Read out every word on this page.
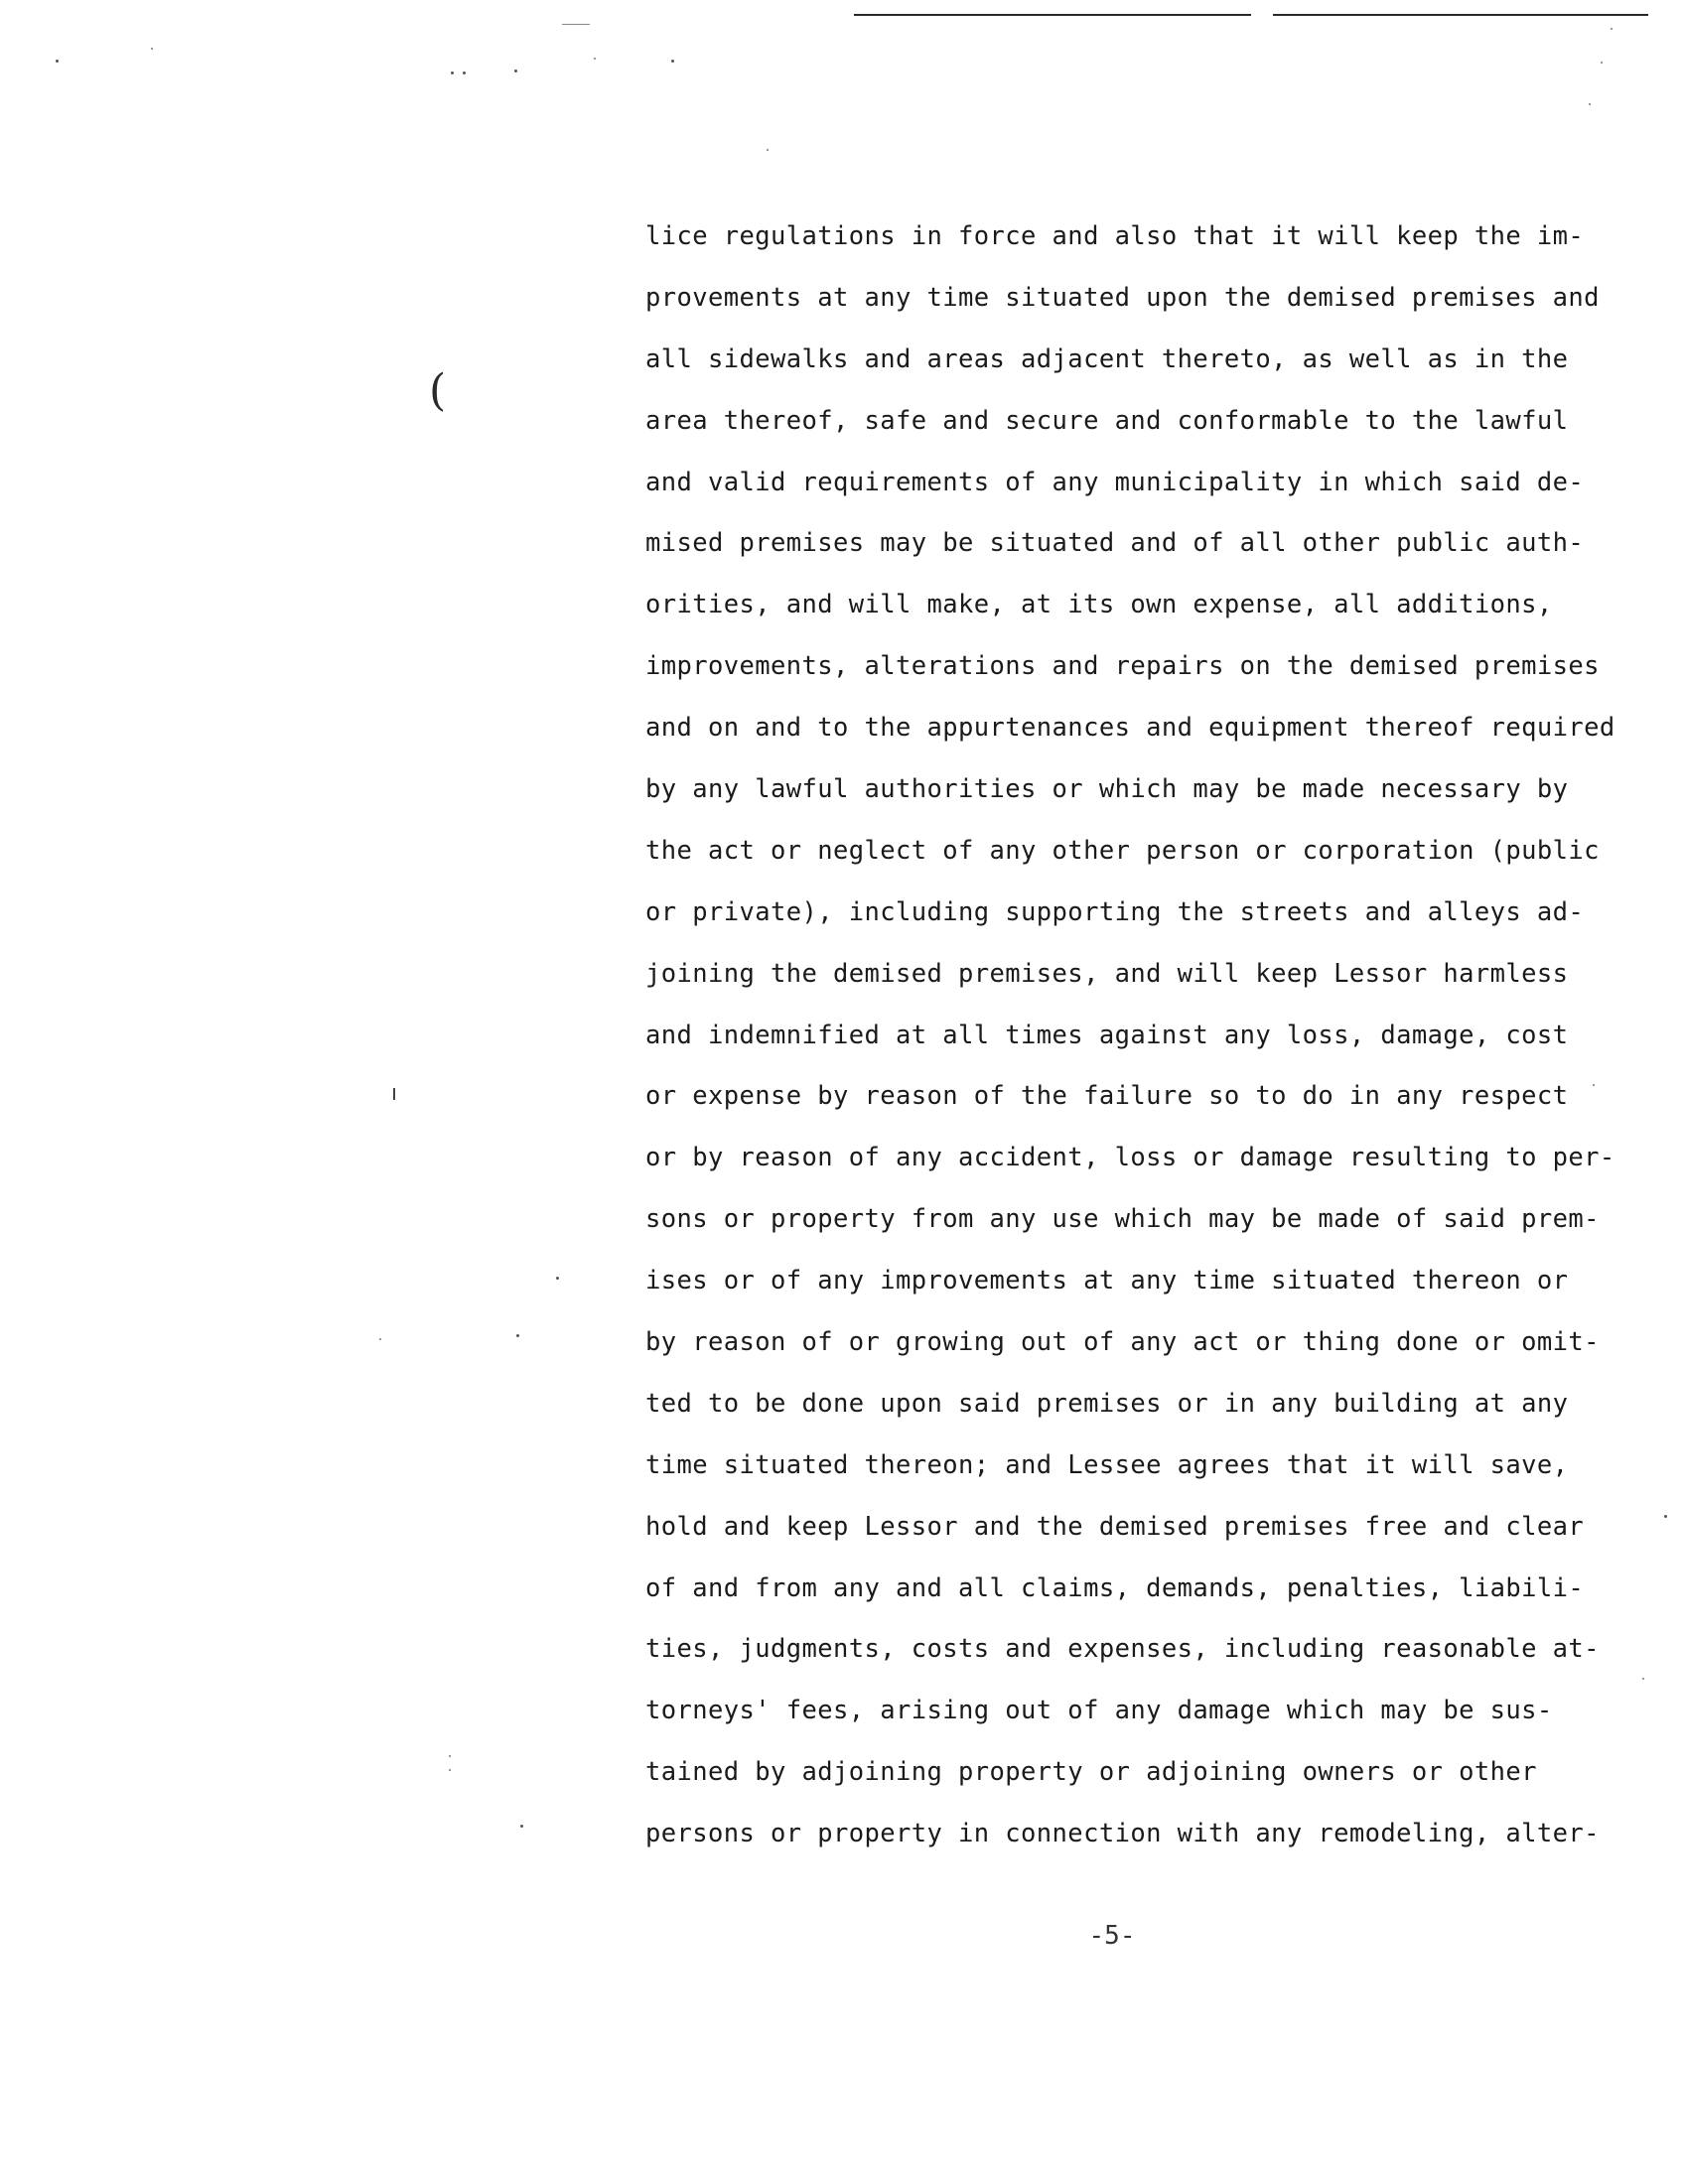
(
lice regulations in force and also that it will keep the im-
provements at any time situated upon the demised premises and
all sidewalks and areas adjacent thereto, as well as in the
area thereof, safe and secure and conformable to the lawful
and valid requirements of any municipality in which said de-
mised premises may be situated and of all other public auth-
orities, and will make, at its own expense, all additions,
improvements, alterations and repairs on the demised premises
and on and to the appurtenances and equipment thereof required
by any lawful authorities or which may be made necessary by
the act or neglect of any other person or corporation (public
or private), including supporting the streets and alleys ad-
joining the demised premises, and will keep Lessor harmless
and indemnified at all times against any loss, damage, cost
or expense by reason of the failure so to do in any respect
or by reason of any accident, loss or damage resulting to per-
sons or property from any use which may be made of said prem-
ises or of any improvements at any time situated thereon or
by reason of or growing out of any act or thing done or omit-
ted to be done upon said premises or in any building at any
time situated thereon; and Lessee agrees that it will save,
hold and keep Lessor and the demised premises free and clear
of and from any and all claims, demands, penalties, liabili-
ties, judgments, costs and expenses, including reasonable at-
torneys' fees, arising out of any damage which may be sus-
tained by adjoining property or adjoining owners or other
persons or property in connection with any remodeling, alter-
-5-
